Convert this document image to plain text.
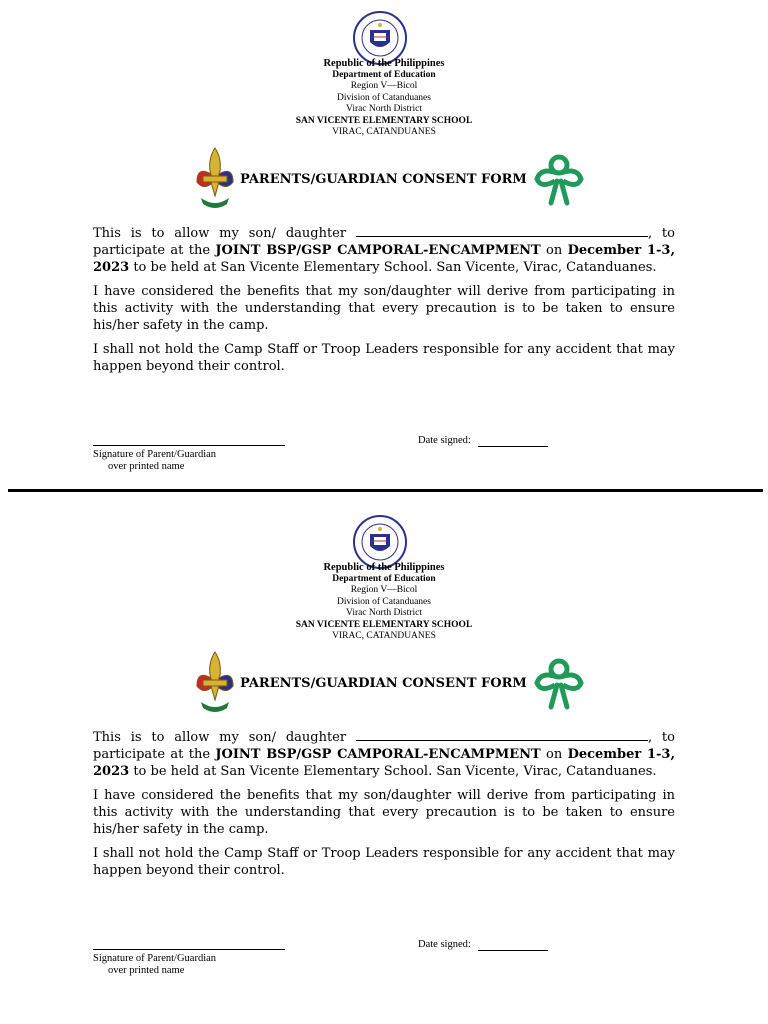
Republic of the Philippines
Department of Education
Region V—Bicol
Division of Catanduanes
Virac North District
SAN VICENTE ELEMENTARY SCHOOL
VIRAC, CATANDUANES
PARENTS/GUARDIAN CONSENT FORM

This is to allow my son/ daughter	, to participate at the JOINT BSP/GSP CAMPORAL-ENCAMPMENT on December 1-3, 2023 to be held at San Vicente Elementary School. San Vicente, Virac, Catanduanes.

I have considered the benefits that my son/daughter will derive from participating in this activity with the understanding that every precaution is to be taken to ensure his/her safety in the camp.

I shall not hold the Camp Staff or Troop Leaders responsible for any accident that may happen beyond their control.

Date signed:
Signature of Parent/Guardian
over printed name
Republic of the Philippines
Department of Education
Region V—Bicol
Division of Catanduanes
Virac North District
SAN VICENTE ELEMENTARY SCHOOL
VIRAC, CATANDUANES
PARENTS/GUARDIAN CONSENT FORM

This is to allow my son/ daughter	, to participate at the JOINT BSP/GSP CAMPORAL-ENCAMPMENT on December 1-3, 2023 to be held at San Vicente Elementary School. San Vicente, Virac, Catanduanes.

I have considered the benefits that my son/daughter will derive from participating in this activity with the understanding that every precaution is to be taken to ensure his/her safety in the camp.

I shall not hold the Camp Staff or Troop Leaders responsible for any accident that may happen beyond their control.

Date signed:
Signature of Parent/Guardian
over printed name
